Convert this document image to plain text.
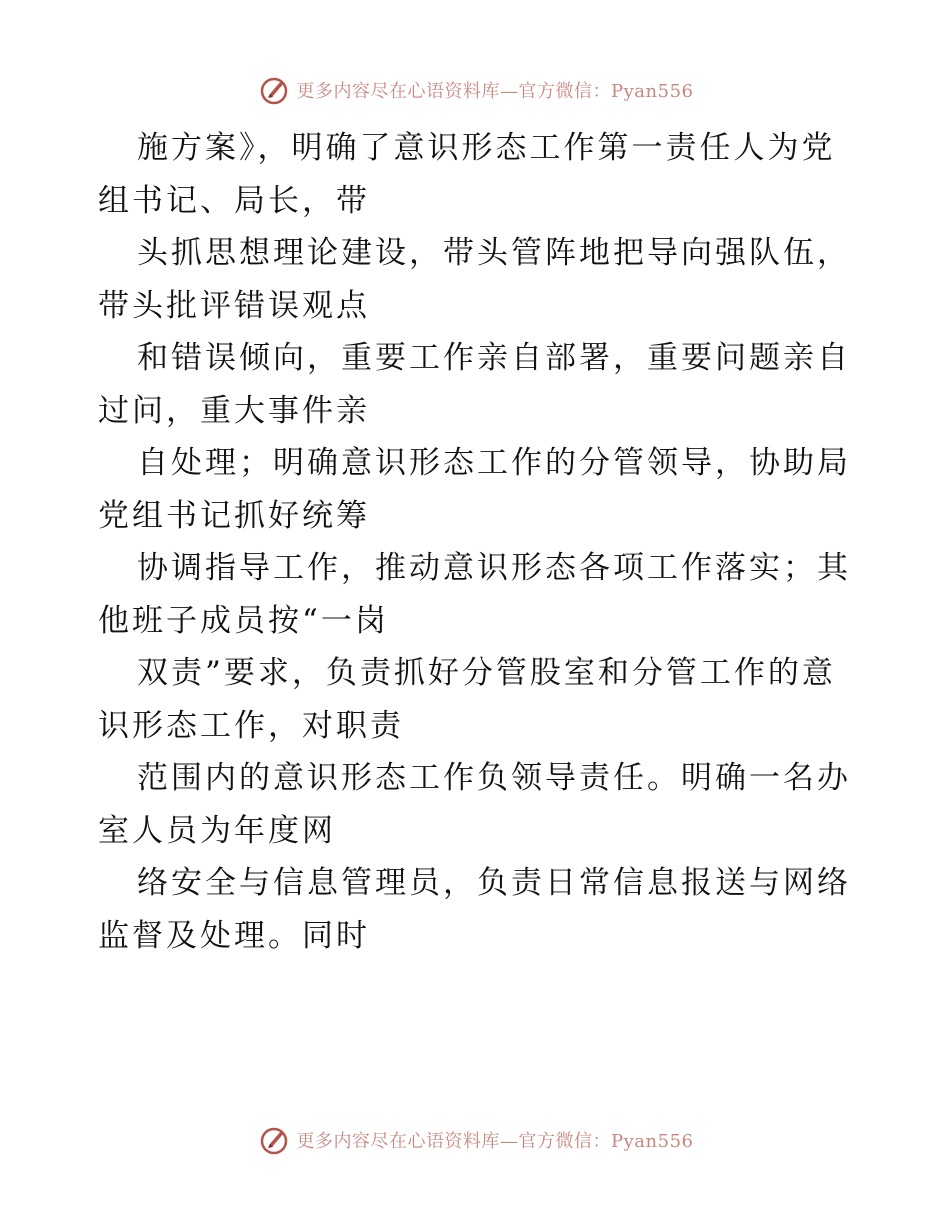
更多内容尽在心语资料库—官方微信：Pyan556

施方案》，明确了意识形态工作第一责任人为党
组书记、局长，带

头抓思想理论建设，带头管阵地把导向强队伍，
带头批评错误观点

和错误倾向，重要工作亲自部署，重要问题亲自
过问，重大事件亲

自处理；明确意识形态工作的分管领导，协助局
党组书记抓好统筹

协调指导工作，推动意识形态各项工作落实；其
他班子成员按“一岗

双责”要求，负责抓好分管股室和分管工作的意
识形态工作，对职责

范围内的意识形态工作负领导责任。明确一名办
室人员为年度网

络安全与信息管理员，负责日常信息报送与网络
监督及处理。同时

更多内容尽在心语资料库—官方微信：Pyan556
